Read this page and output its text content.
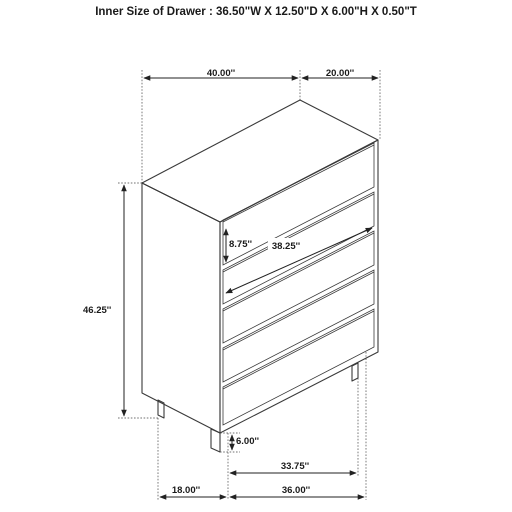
Inner Size of Drawer : 36.50"W X 12.50"D X 6.00"H X 0.50"T
40.00''	20.00''
46.25''
8.75'' 38.25''
6.00''
33.75''
18.00''	36.00''
